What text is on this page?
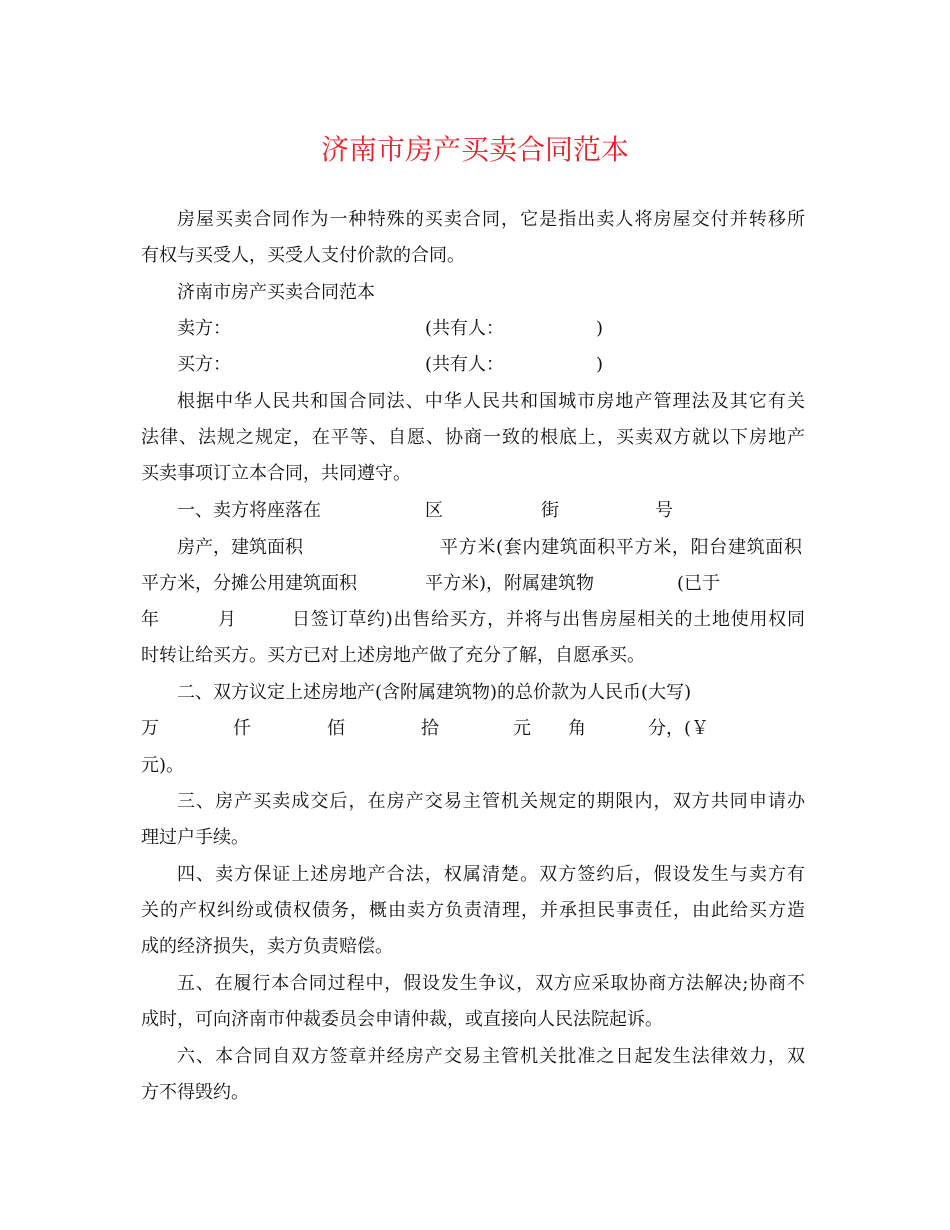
济南市房产买卖合同范本
房屋买卖合同作为一种特殊的买卖合同，它是指出卖人将房屋交付并转移所
有权与买受人，买受人支付价款的合同。
济南市房产买卖合同范本
卖方：	(共有人：	)
买方：	(共有人：	)
根据中华人民共和国合同法、中华人民共和国城市房地产管理法及其它有关
法律、法规之规定，在平等、自愿、协商一致的根底上，买卖双方就以下房地产
买卖事项订立本合同，共同遵守。
一、卖方将座落在	区	街	号
房产，建筑面积	平方米(套内建筑面积平方米，阳台建筑面积
平方米，分摊公用建筑面积	平方米)，附属建筑物	(已于
年	月	日签订草约)出售给买方，并将与出售房屋相关的土地使用权同
时转让给买方。买方已对上述房地产做了充分了解，自愿承买。
二、双方议定上述房地产(含附属建筑物)的总价款为人民币(大写)
万	仟	佰	拾	元 角	分，(￥
元)。
三、房产买卖成交后，在房产交易主管机关规定的期限内，双方共同申请办
理过户手续。
四、卖方保证上述房地产合法，权属清楚。双方签约后，假设发生与卖方有
关的产权纠纷或债权债务，概由卖方负责清理，并承担民事责任，由此给买方造
成的经济损失，卖方负责赔偿。
五、在履行本合同过程中，假设发生争议，双方应采取协商方法解决;协商不
成时，可向济南市仲裁委员会申请仲裁，或直接向人民法院起诉。
六、本合同自双方签章并经房产交易主管机关批准之日起发生法律效力，双
方不得毁约。
